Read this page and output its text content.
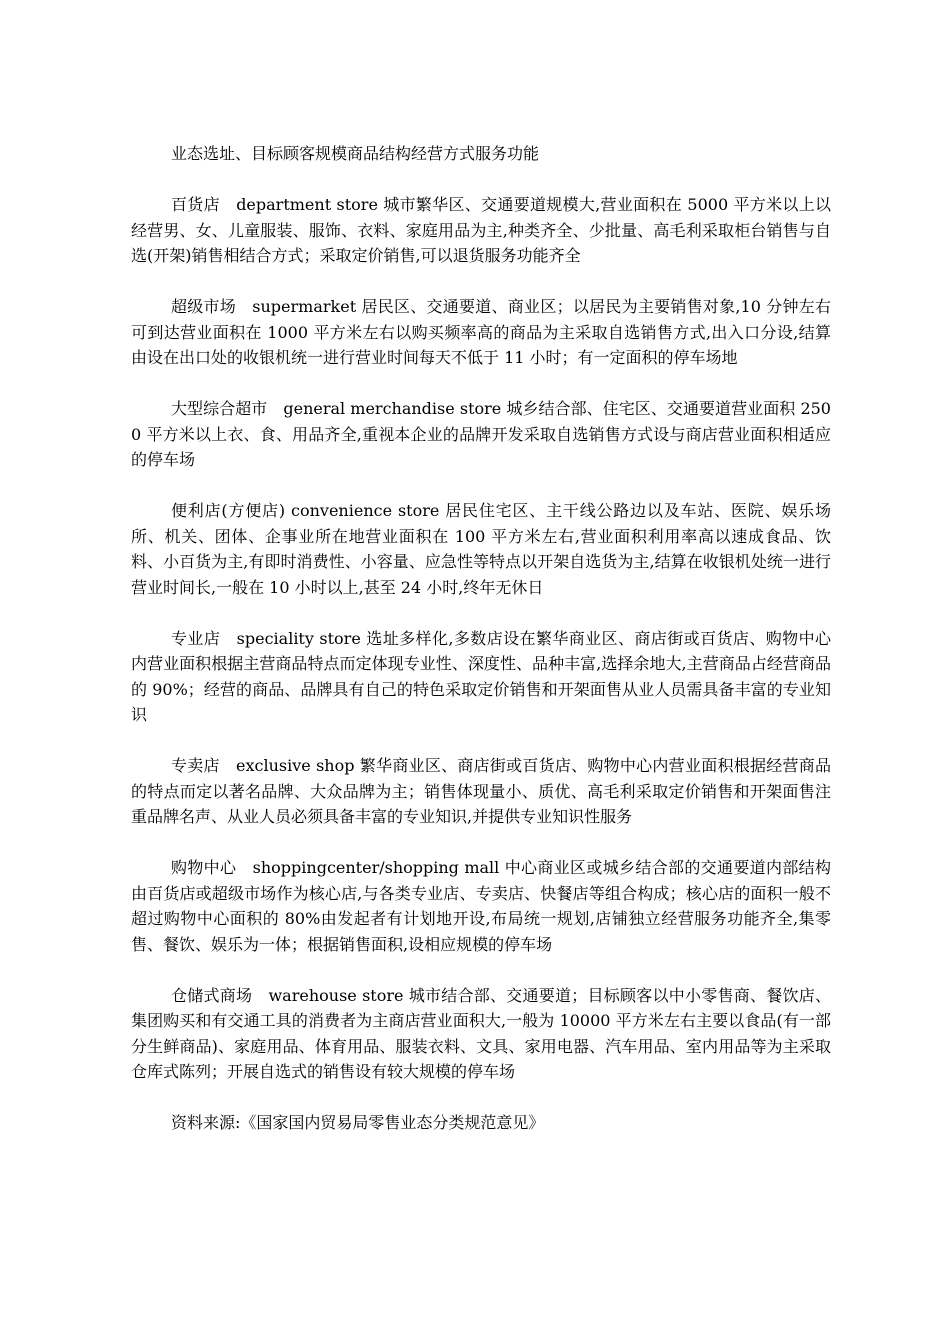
业态选址、目标顾客规模商品结构经营方式服务功能

百货店　department store 城市繁华区、交通要道规模大,营业面积在 5000 平方米以上以经营男、女、儿童服装、服饰、衣料、家庭用品为主,种类齐全、少批量、高毛利采取柜台销售与自选(开架)销售相结合方式；采取定价销售,可以退货服务功能齐全

超级市场　supermarket 居民区、交通要道、商业区；以居民为主要销售对象,10 分钟左右可到达营业面积在 1000 平方米左右以购买频率高的商品为主采取自选销售方式,出入口分设,结算由设在出口处的收银机统一进行营业时间每天不低于 11 小时；有一定面积的停车场地

大型综合超市　general merchandise store 城乡结合部、住宅区、交通要道营业面积 2500 平方米以上衣、食、用品齐全,重视本企业的品牌开发采取自选销售方式设与商店营业面积相适应的停车场

便利店(方便店) convenience store 居民住宅区、主干线公路边以及车站、医院、娱乐场所、机关、团体、企事业所在地营业面积在 100 平方米左右,营业面积利用率高以速成食品、饮料、小百货为主,有即时消费性、小容量、应急性等特点以开架自选货为主,结算在收银机处统一进行营业时间长,一般在 10 小时以上,甚至 24 小时,终年无休日

专业店　speciality store 选址多样化,多数店设在繁华商业区、商店街或百货店、购物中心内营业面积根据主营商品特点而定体现专业性、深度性、品种丰富,选择余地大,主营商品占经营商品的 90%；经营的商品、品牌具有自己的特色采取定价销售和开架面售从业人员需具备丰富的专业知识

专卖店　exclusive shop 繁华商业区、商店街或百货店、购物中心内营业面积根据经营商品的特点而定以著名品牌、大众品牌为主；销售体现量小、质优、高毛利采取定价销售和开架面售注重品牌名声、从业人员必须具备丰富的专业知识,并提供专业知识性服务

购物中心　shoppingcenter/shopping mall 中心商业区或城乡结合部的交通要道内部结构由百货店或超级市场作为核心店,与各类专业店、专卖店、快餐店等组合构成；核心店的面积一般不超过购物中心面积的 80%由发起者有计划地开设,布局统一规划,店铺独立经营服务功能齐全,集零售、餐饮、娱乐为一体；根据销售面积,设相应规模的停车场

仓储式商场　warehouse store 城市结合部、交通要道；目标顾客以中小零售商、餐饮店、集团购买和有交通工具的消费者为主商店营业面积大,一般为 10000 平方米左右主要以食品(有一部分生鲜商品)、家庭用品、体育用品、服装衣料、文具、家用电器、汽车用品、室内用品等为主采取仓库式陈列；开展自选式的销售设有较大规模的停车场

资料来源:《国家国内贸易局零售业态分类规范意见》
